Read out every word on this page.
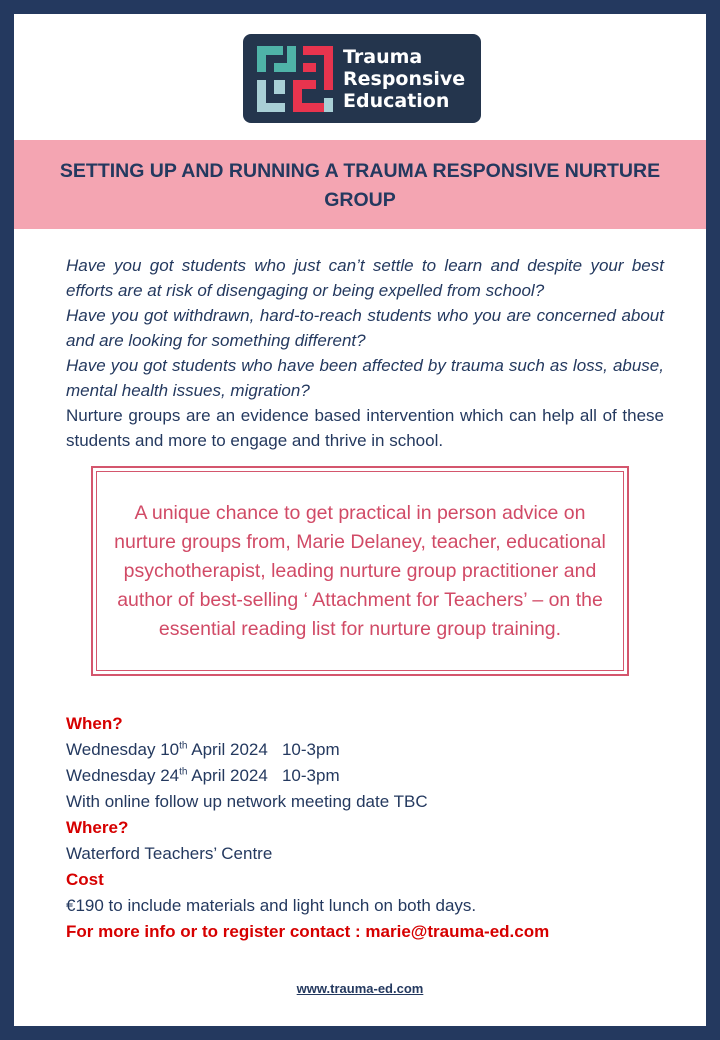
Trauma
Responsive
Education
SETTING UP AND RUNNING A TRAUMA RESPONSIVE NURTURE GROUP

Have you got students who just can’t settle to learn and despite your best efforts are at risk of disengaging or being expelled from school?

Have you got withdrawn, hard-to-reach students who you are concerned about and are looking for something different?

Have you got students who have been affected by trauma such as loss, abuse, mental health issues, migration?

Nurture groups are an evidence based intervention which can help all of these students and more to engage and thrive in school.

A unique chance to get practical in person advice on nurture groups from, Marie Delaney, teacher, educational psychotherapist, leading nurture group practitioner and author of best-selling ‘ Attachment for Teachers’ – on the essential reading list for nurture group training.

When?
Wednesday 10th April 2024   10-3pm
Wednesday 24th April 2024   10-3pm
With online follow up network meeting date TBC
Where?
Waterford Teachers’ Centre
Cost
€190 to include materials and light lunch on both days.
For more info or to register contact : marie@trauma-ed.com
www.trauma-ed.com
